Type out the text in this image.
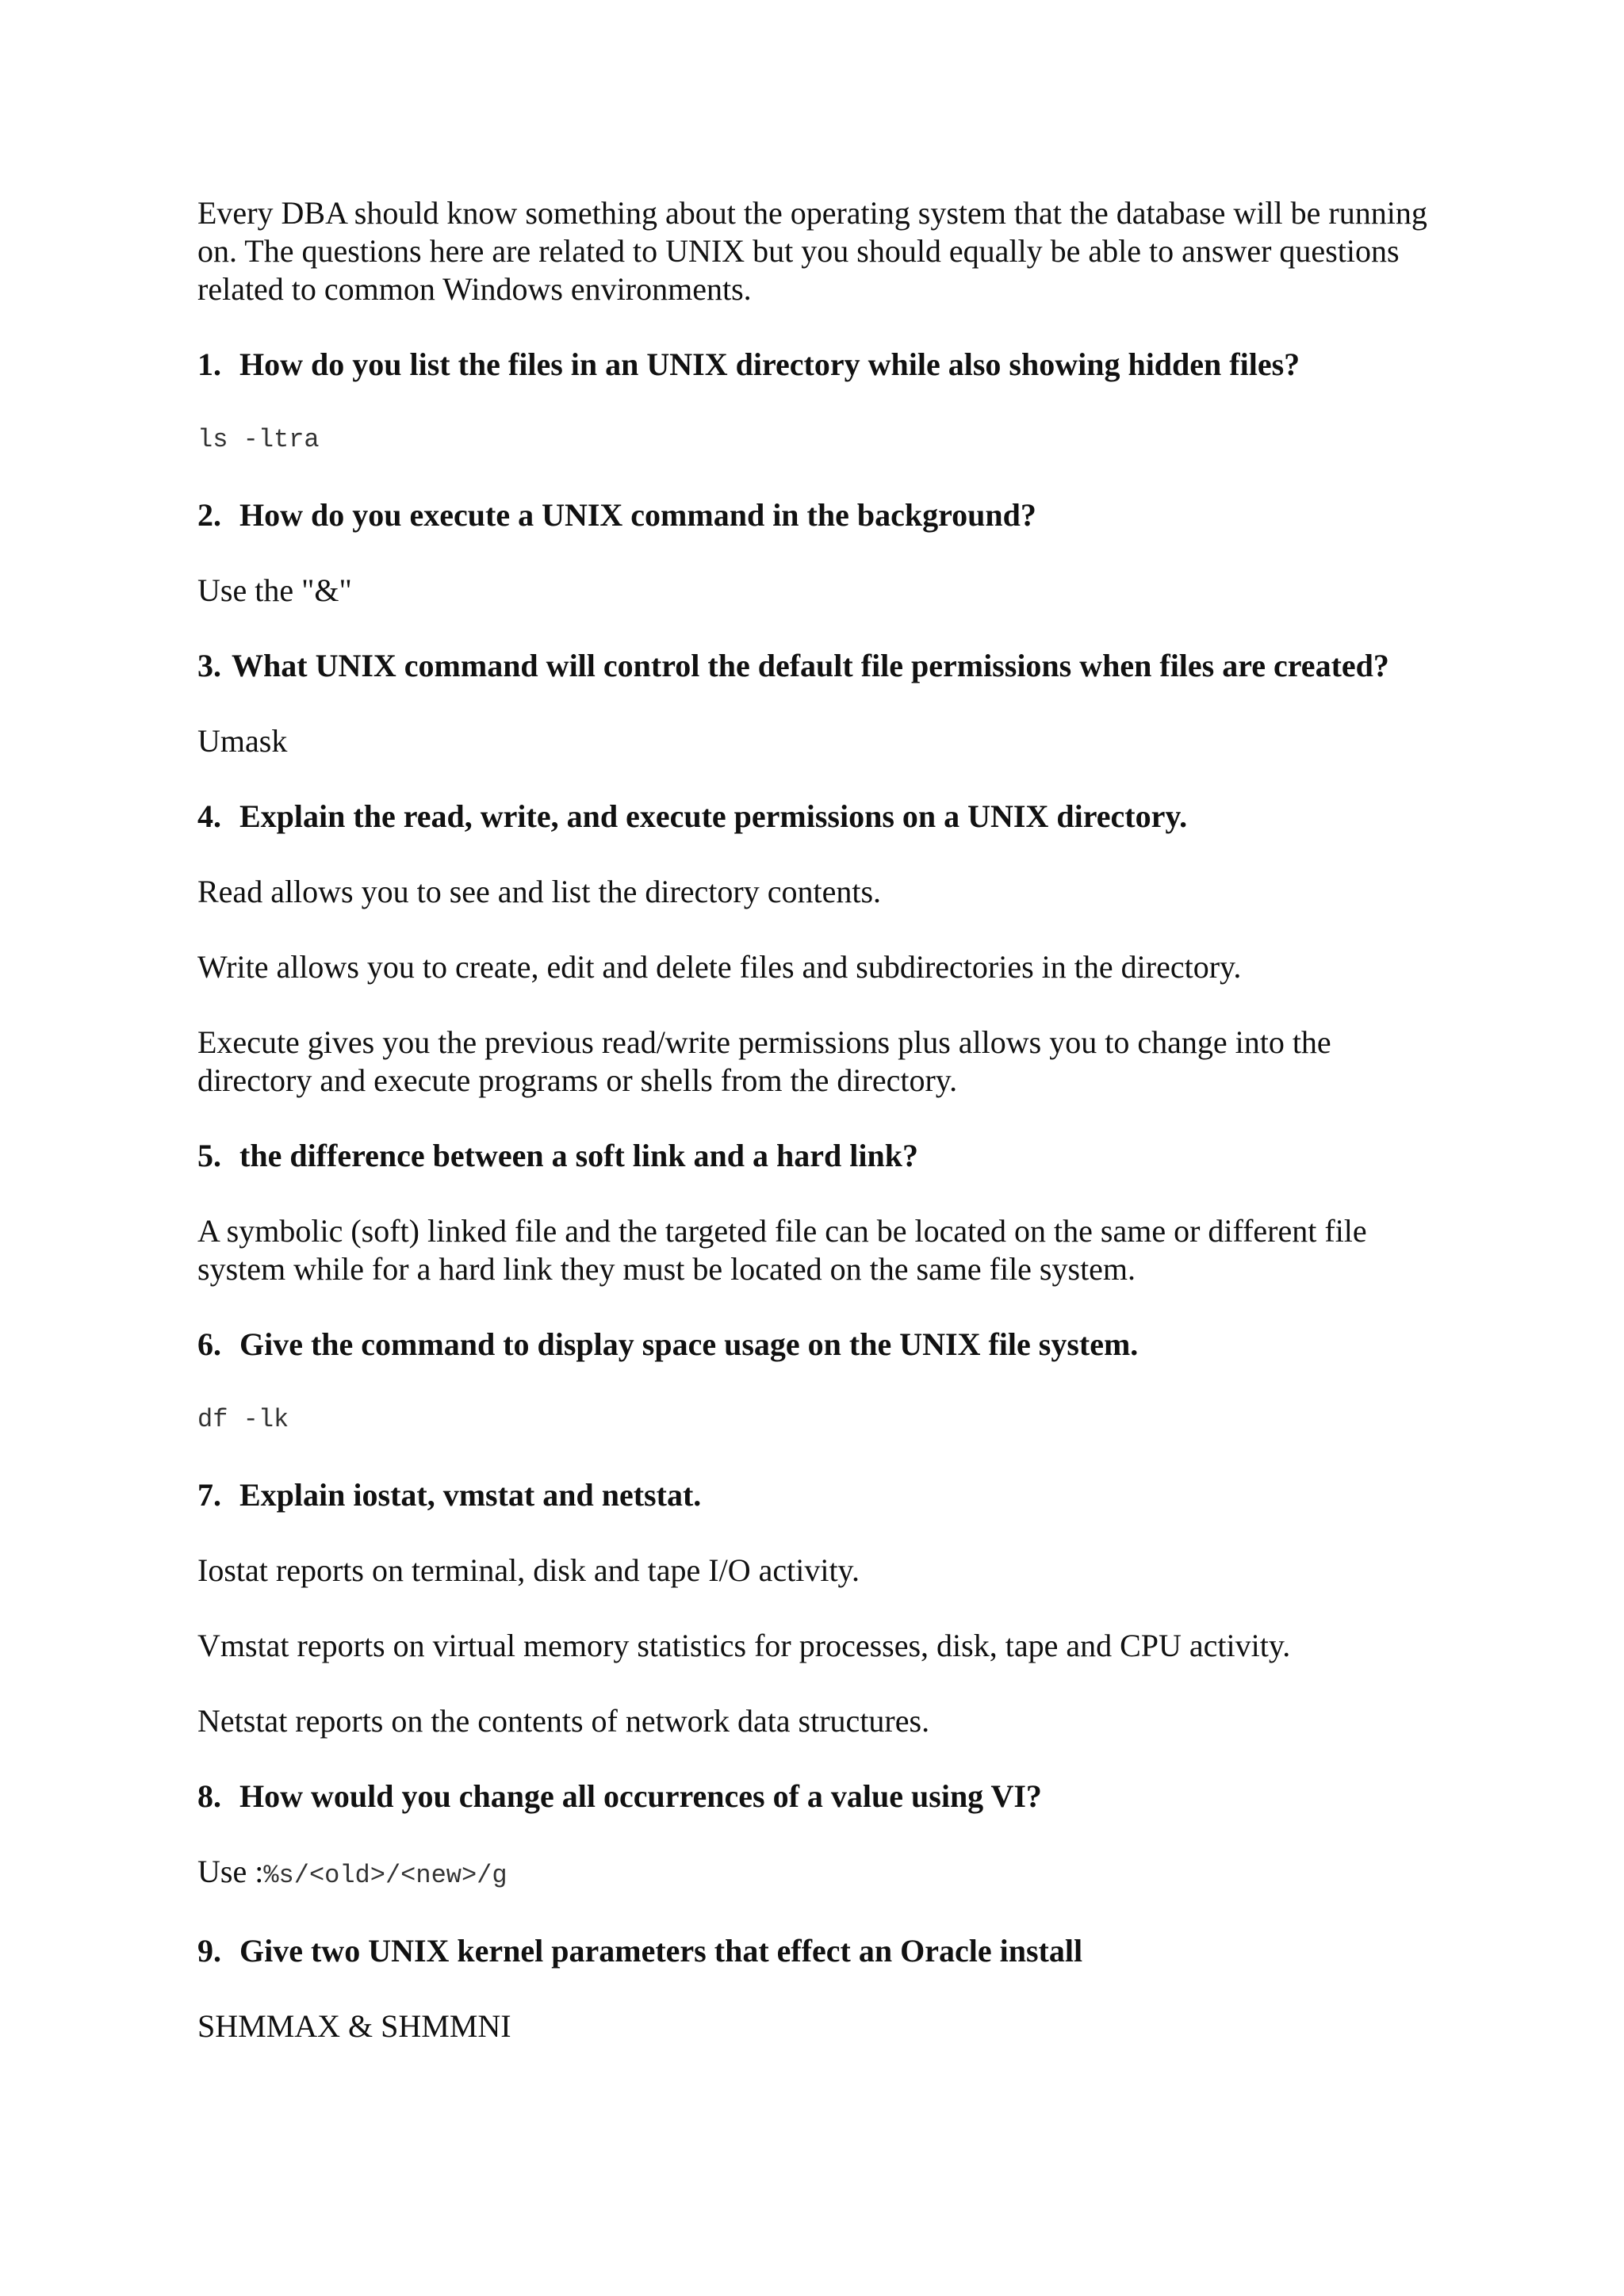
Every DBA should know something about the operating system that the database will be running on. The questions here are related to UNIX but you should equally be able to answer questions related to common Windows environments.

1. How do you list the files in an UNIX directory while also showing hidden files?

ls -ltra

2. How do you execute a UNIX command in the background?

Use the "&"

3. What UNIX command will control the default file permissions when files are created?

Umask

4. Explain the read, write, and execute permissions on a UNIX directory.

Read allows you to see and list the directory contents.

Write allows you to create, edit and delete files and subdirectories in the directory.

Execute gives you the previous read/write permissions plus allows you to change into the directory and execute programs or shells from the directory.

5. the difference between a soft link and a hard link?

A symbolic (soft) linked file and the targeted file can be located on the same or different file system while for a hard link they must be located on the same file system.

6. Give the command to display space usage on the UNIX file system.

df -lk

7. Explain iostat, vmstat and netstat.

Iostat reports on terminal, disk and tape I/O activity.

Vmstat reports on virtual memory statistics for processes, disk, tape and CPU activity.

Netstat reports on the contents of network data structures.

8. How would you change all occurrences of a value using VI?

Use :%s/<old>/<new>/g

9. Give two UNIX kernel parameters that effect an Oracle install

SHMMAX & SHMMNI
